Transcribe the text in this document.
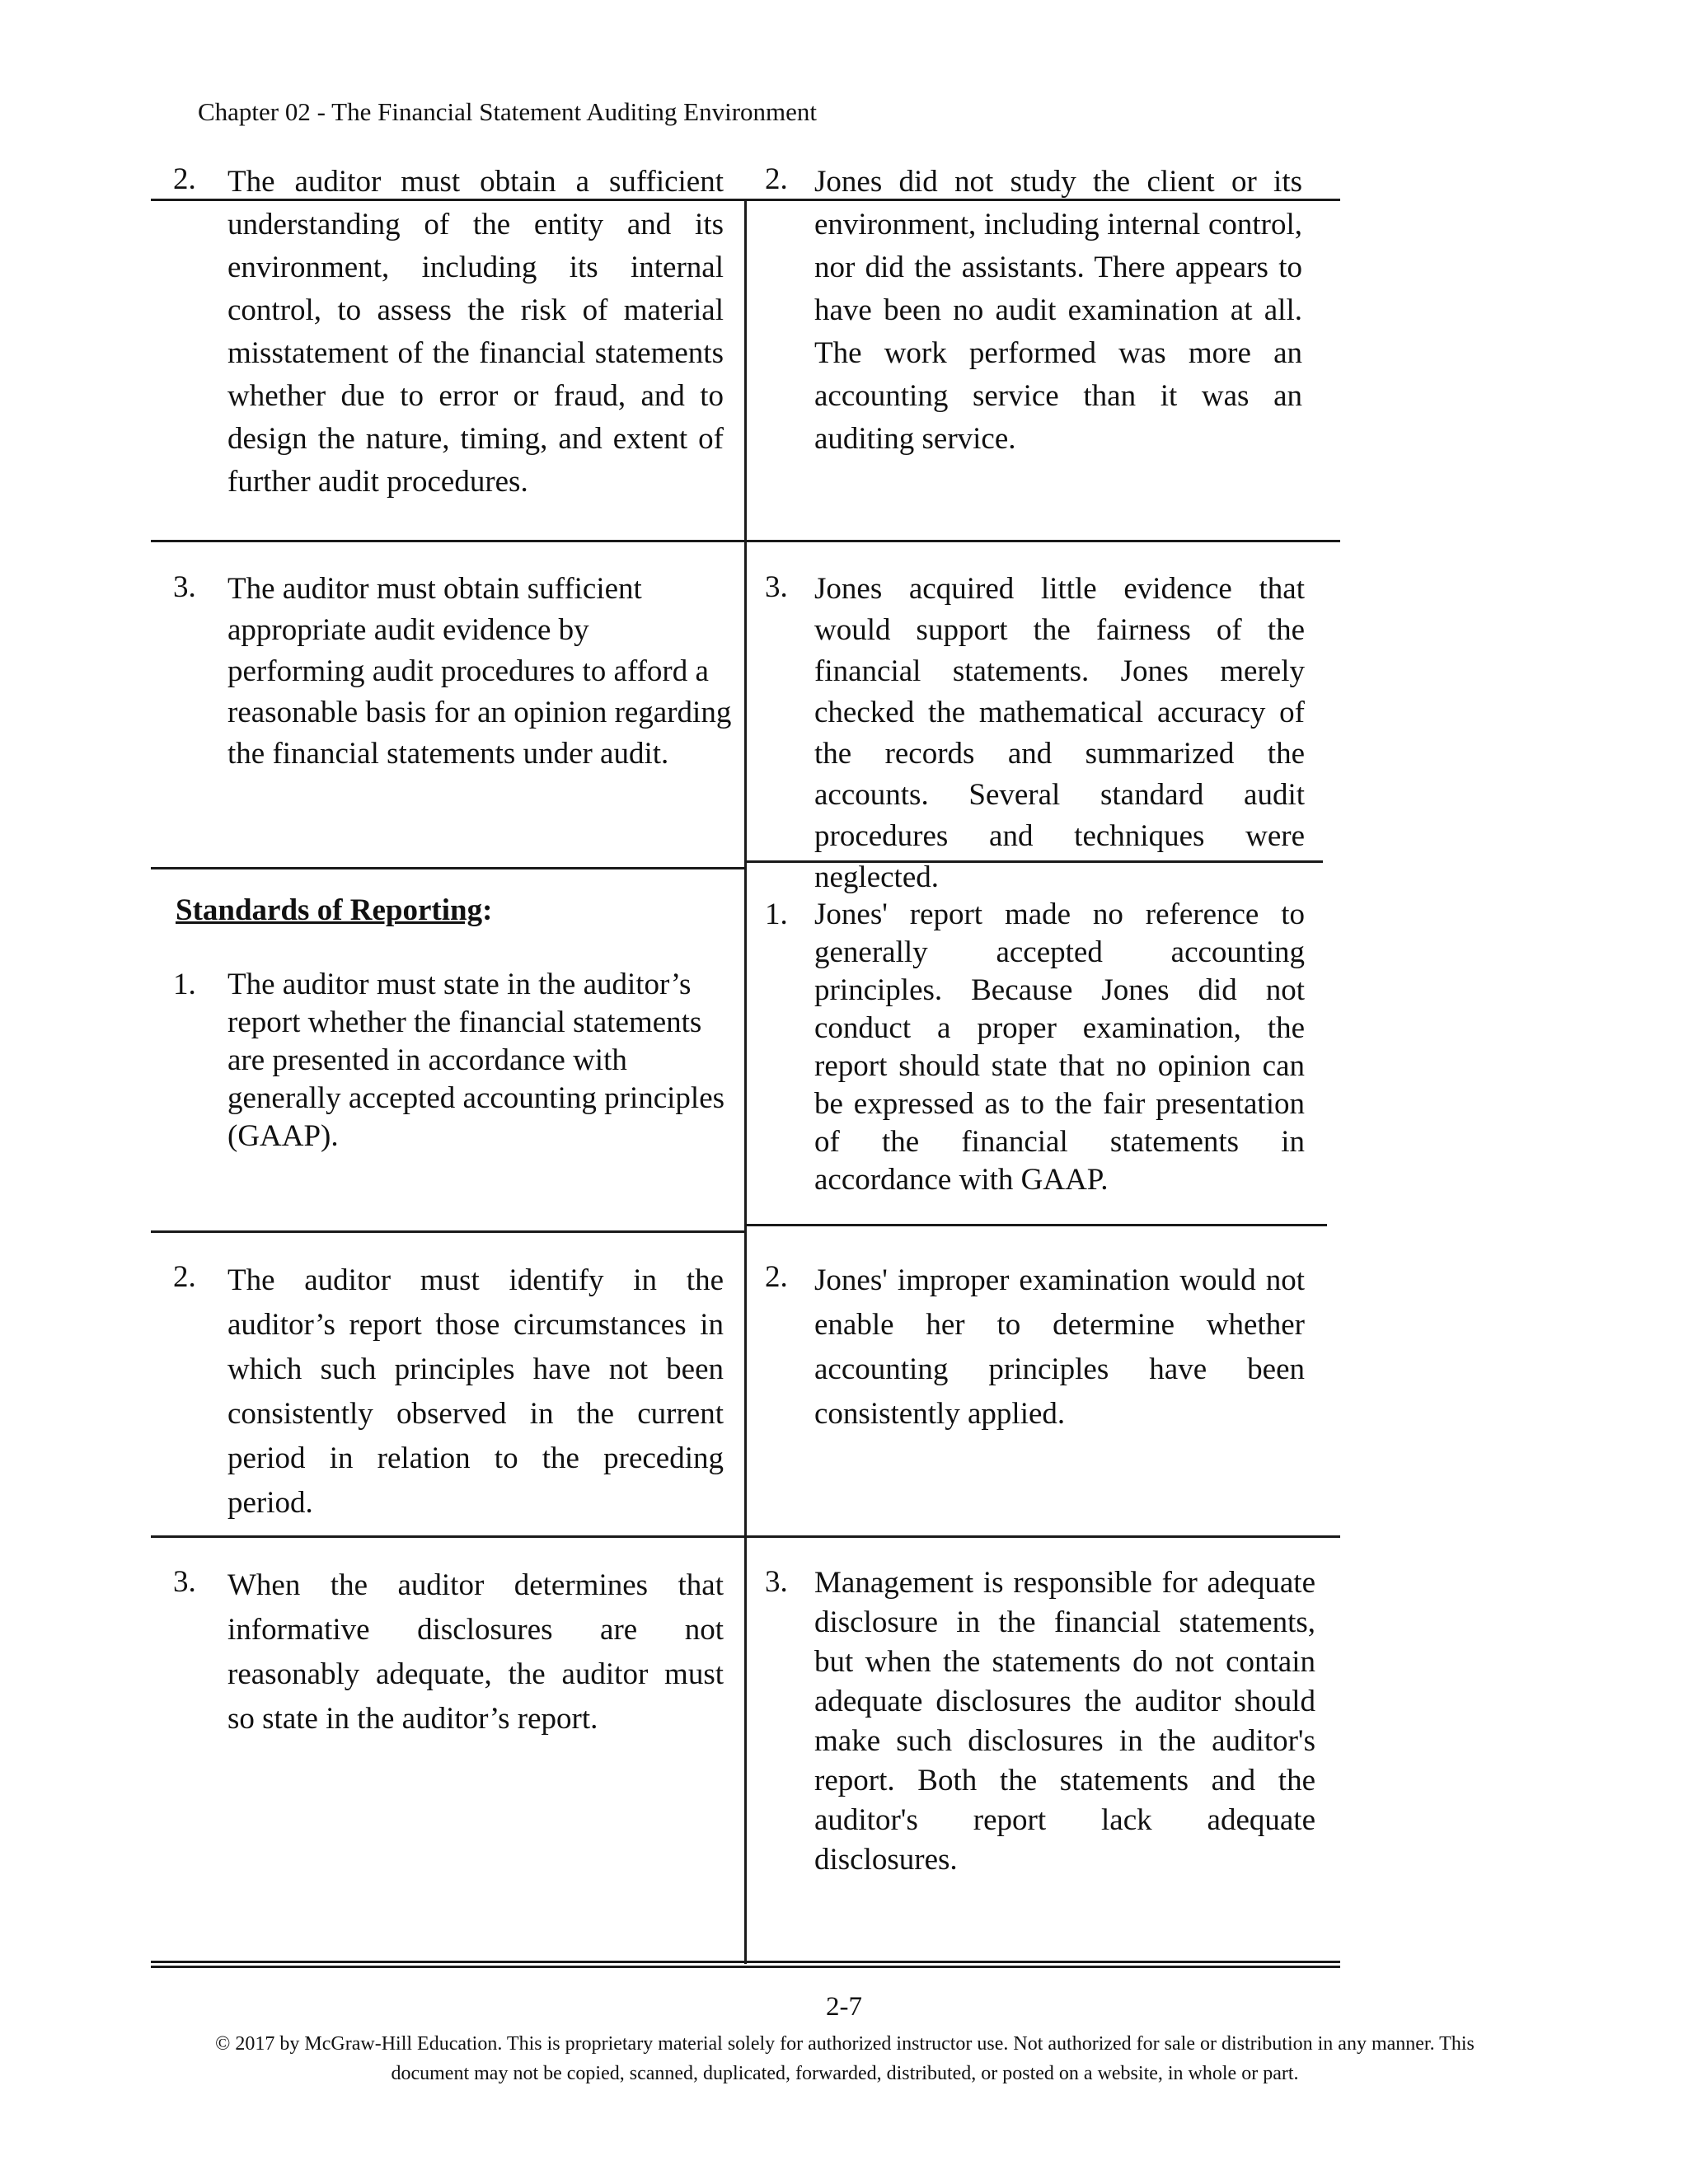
Chapter 02 - The Financial Statement Auditing Environment
2. The auditor must obtain a sufficient understanding of the entity and its environment, including its internal control, to assess the risk of material misstatement of the financial statements whether due to error or fraud, and to design the nature, timing, and extent of further audit procedures.
2. Jones did not study the client or its environment, including internal control, nor did the assistants. There appears to have been no audit examination at all. The work performed was more an accounting service than it was an auditing service.
3. The auditor must obtain sufficient appropriate audit evidence by performing audit procedures to afford a reasonable basis for an opinion regarding the financial statements under audit.
3. Jones acquired little evidence that would support the fairness of the financial statements. Jones merely checked the mathematical accuracy of the records and summarized the accounts. Several standard audit procedures and techniques were neglected.
Standards of Reporting:
1. The auditor must state in the auditor’s report whether the financial statements are presented in accordance with generally accepted accounting principles (GAAP).
1. Jones' report made no reference to generally accepted accounting principles. Because Jones did not conduct a proper examination, the report should state that no opinion can be expressed as to the fair presentation of the financial statements in accordance with GAAP.
2. The auditor must identify in the auditor’s report those circumstances in which such principles have not been consistently observed in the current period in relation to the preceding period.
2. Jones' improper examination would not enable her to determine whether accounting principles have been consistently applied.
3. When the auditor determines that informative disclosures are not reasonably adequate, the auditor must so state in the auditor’s report.
3. Management is responsible for adequate disclosure in the financial statements, but when the statements do not contain adequate disclosures the auditor should make such disclosures in the auditor's report. Both the statements and the auditor's report lack adequate disclosures.
2-7
© 2017 by McGraw-Hill Education. This is proprietary material solely for authorized instructor use. Not authorized for sale or distribution in any manner. This document may not be copied, scanned, duplicated, forwarded, distributed, or posted on a website, in whole or part.
